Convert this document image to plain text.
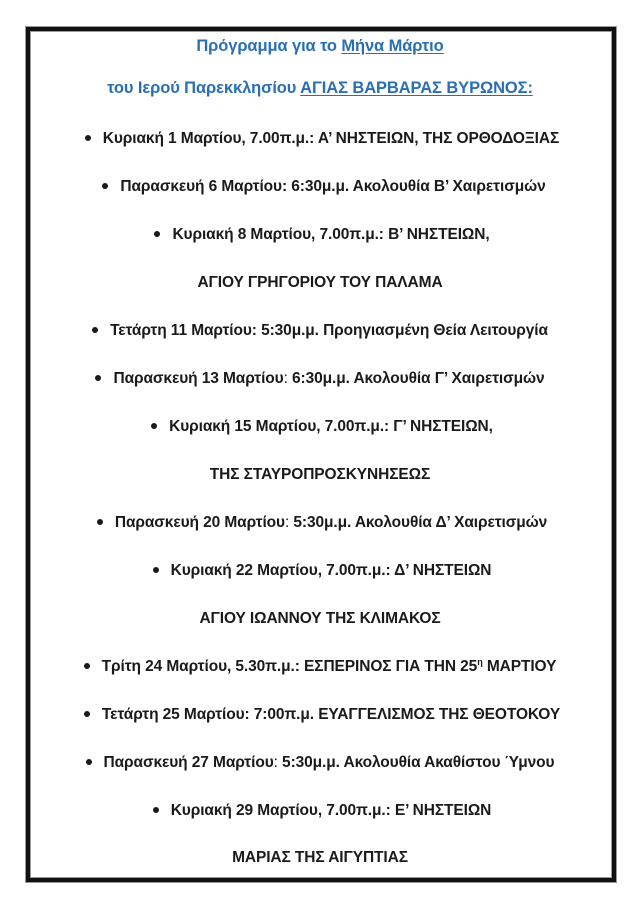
Πρόγραμμα για το Μήνα Μάρτιο
του Ιερού Παρεκκλησίου ΑΓΙΑΣ ΒΑΡΒΑΡΑΣ ΒΥΡΩΝΟΣ:
Κυριακή 1 Μαρτίου, 7.00π.μ.: Α’ ΝΗΣΤΕΙΩΝ, ΤΗΣ ΟΡΘΟΔΟΞΙΑΣ
Παρασκευή 6 Μαρτίου: 6:30μ.μ. Ακολουθία Β’ Χαιρετισμών
Κυριακή 8 Μαρτίου, 7.00π.μ.: Β’ ΝΗΣΤΕΙΩΝ,
ΑΓΙΟΥ ΓΡΗΓΟΡΙΟΥ ΤΟΥ ΠΑΛΑΜΑ
Τετάρτη 11 Μαρτίου: 5:30μ.μ. Προηγιασμένη Θεία Λειτουργία
Παρασκευή 13 Μαρτίου: 6:30μ.μ. Ακολουθία Γ’ Χαιρετισμών
Κυριακή 15 Μαρτίου, 7.00π.μ.: Γ’ ΝΗΣΤΕΙΩΝ,
ΤΗΣ ΣΤΑΥΡΟΠΡΟΣΚΥΝΗΣΕΩΣ
Παρασκευή 20 Μαρτίου: 5:30μ.μ. Ακολουθία Δ’ Χαιρετισμών
Κυριακή 22 Μαρτίου, 7.00π.μ.: Δ’ ΝΗΣΤΕΙΩΝ
ΑΓΙΟΥ ΙΩΑΝΝΟΥ ΤΗΣ ΚΛΙΜΑΚΟΣ
Τρίτη 24 Μαρτίου, 5.30π.μ.: ΕΣΠΕΡΙΝΟΣ ΓΙΑ ΤΗΝ $25^\eta$ ΜΑΡΤΙΟΥ
Τετάρτη 25 Μαρτίου: 7:00π.μ. ΕΥΑΓΓΕΛΙΣΜΟΣ ΤΗΣ ΘΕΟΤΟΚΟΥ
Παρασκευή 27 Μαρτίου: 5:30μ.μ. Ακολουθία Ακαθίστου Ύμνου
Κυριακή 29 Μαρτίου, 7.00π.μ.: Ε’ ΝΗΣΤΕΙΩΝ
ΜΑΡΙΑΣ ΤΗΣ ΑΙΓΥΠΤΙΑΣ
